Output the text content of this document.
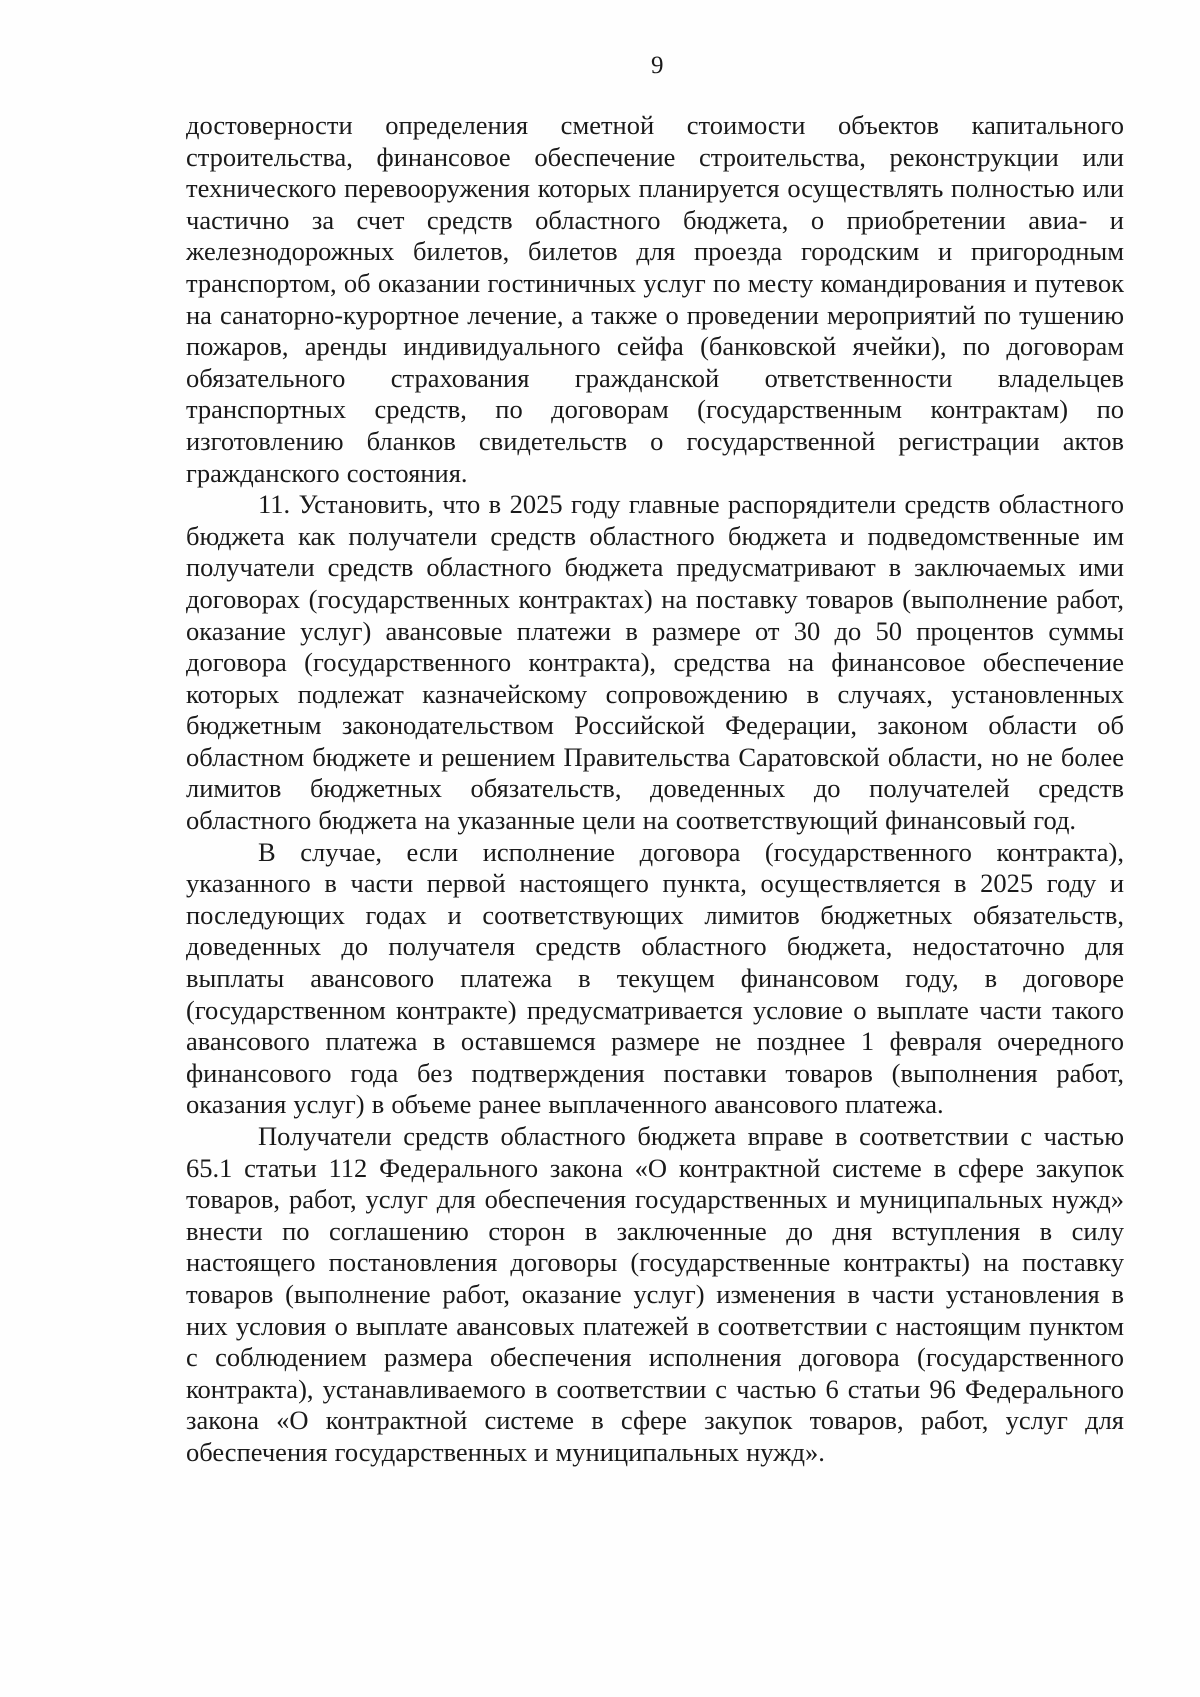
9

достоверности определения сметной стоимости объектов капитального строительства, финансовое обеспечение строительства, реконструкции или технического перевооружения которых планируется осуществлять полностью или частично за счет средств областного бюджета, о приобретении авиа- и железнодорожных билетов, билетов для проезда городским и пригородным транспортом, об оказании гостиничных услуг по месту командирования и путевок на санаторно-курортное лечение, а также о проведении мероприятий по тушению пожаров, аренды индивидуального сейфа (банковской ячейки), по договорам обязательного страхования гражданской ответственности владельцев транспортных средств, по договорам (государственным контрактам) по изготовлению бланков свидетельств о государственной регистрации актов гражданского состояния.

11. Установить, что в 2025 году главные распорядители средств областного бюджета как получатели средств областного бюджета и подведомственные им получатели средств областного бюджета предусматривают в заключаемых ими договорах (государственных контрактах) на поставку товаров (выполнение работ, оказание услуг) авансовые платежи в размере от 30 до 50 процентов суммы договора (государственного контракта), средства на финансовое обеспечение которых подлежат казначейскому сопровождению в случаях, установленных бюджетным законодательством Российской Федерации, законом области об областном бюджете и решением Правительства Саратовской области, но не более лимитов бюджетных обязательств, доведенных до получателей средств областного бюджета на указанные цели на соответствующий финансовый год.

В случае, если исполнение договора (государственного контракта), указанного в части первой настоящего пункта, осуществляется в 2025 году и последующих годах и соответствующих лимитов бюджетных обязательств, доведенных до получателя средств областного бюджета, недостаточно для выплаты авансового платежа в текущем финансовом году, в договоре (государственном контракте) предусматривается условие о выплате части такого авансового платежа в оставшемся размере не позднее 1 февраля очередного финансового года без подтверждения поставки товаров (выполнения работ, оказания услуг) в объеме ранее выплаченного авансового платежа.

Получатели средств областного бюджета вправе в соответствии с частью 65.1 статьи 112 Федерального закона «О контрактной системе в сфере закупок товаров, работ, услуг для обеспечения государственных и муниципальных нужд» внести по соглашению сторон в заключенные до дня вступления в силу настоящего постановления договоры (государственные контракты) на поставку товаров (выполнение работ, оказание услуг) изменения в части установления в них условия о выплате авансовых платежей в соответствии с настоящим пунктом с соблюдением размера обеспечения исполнения договора (государственного контракта), устанавливаемого в соответствии с частью 6 статьи 96 Федерального закона «О контрактной системе в сфере закупок товаров, работ, услуг для обеспечения государственных и муниципальных нужд».
